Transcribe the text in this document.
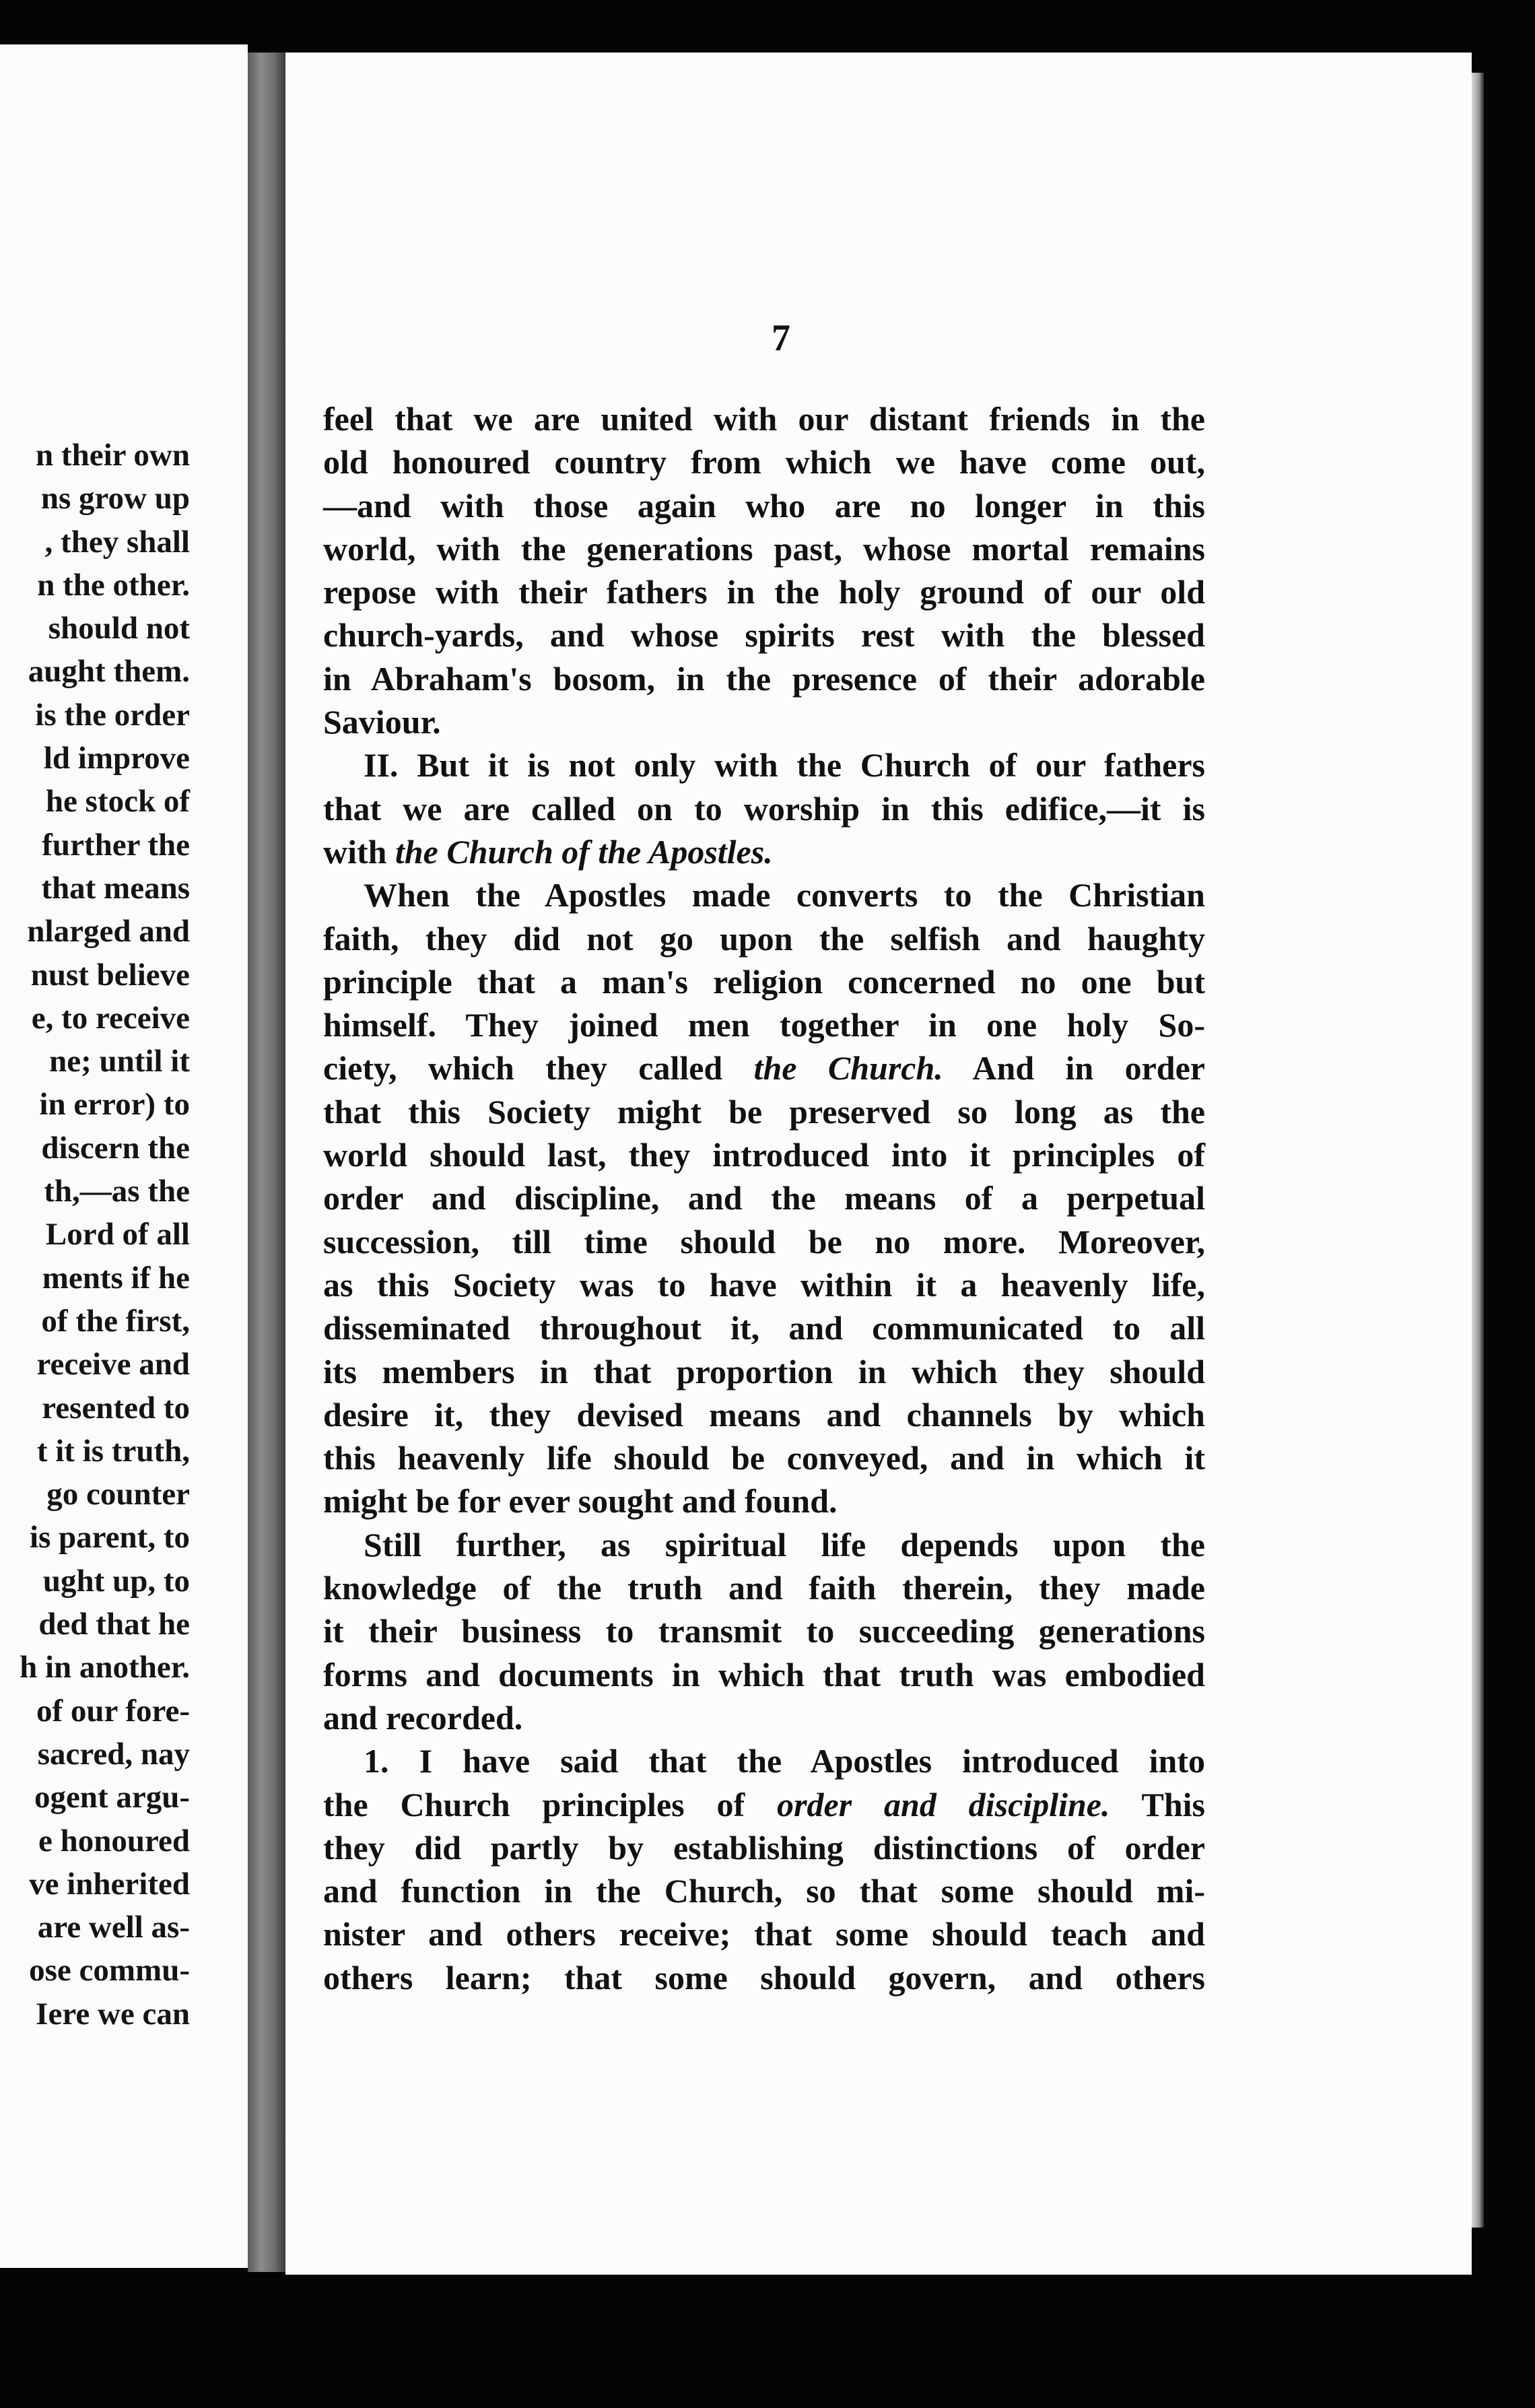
n their own
ns grow up
, they shall
n the other.
should not
aught them.
is the order
ld improve
he stock of
further the
that means
nlarged and
nust believe
e, to receive
ne; until it
in error) to
discern the
th,—as the
Lord of all
ments if he
of the first,
receive and
resented to
t it is truth,
go counter
is parent, to
ught up, to
ded that he
h in another.
of our fore-
sacred, nay
ogent argu-
e honoured
ve inherited
are well as-
ose commu-
Iere we can
7
feel that we are united with our distant friends in the
old honoured country from which we have come out,
—and with those again who are no longer in this
world, with the generations past, whose mortal remains
repose with their fathers in the holy ground of our old
church-yards, and whose spirits rest with the blessed
in Abraham's bosom, in the presence of their adorable
Saviour.
II. But it is not only with the Church of our fathers
that we are called on to worship in this edifice,—it is
with the Church of the Apostles.
When the Apostles made converts to the Christian
faith, they did not go upon the selfish and haughty
principle that a man's religion concerned no one but
himself. They joined men together in one holy So-
ciety, which they called the Church. And in order
that this Society might be preserved so long as the
world should last, they introduced into it principles of
order and discipline, and the means of a perpetual
succession, till time should be no more. Moreover,
as this Society was to have within it a heavenly life,
disseminated throughout it, and communicated to all
its members in that proportion in which they should
desire it, they devised means and channels by which
this heavenly life should be conveyed, and in which it
might be for ever sought and found.
Still further, as spiritual life depends upon the
knowledge of the truth and faith therein, they made
it their business to transmit to succeeding generations
forms and documents in which that truth was embodied
and recorded.
1. I have said that the Apostles introduced into
the Church principles of order and discipline. This
they did partly by establishing distinctions of order
and function in the Church, so that some should mi-
nister and others receive; that some should teach and
others learn; that some should govern, and others
